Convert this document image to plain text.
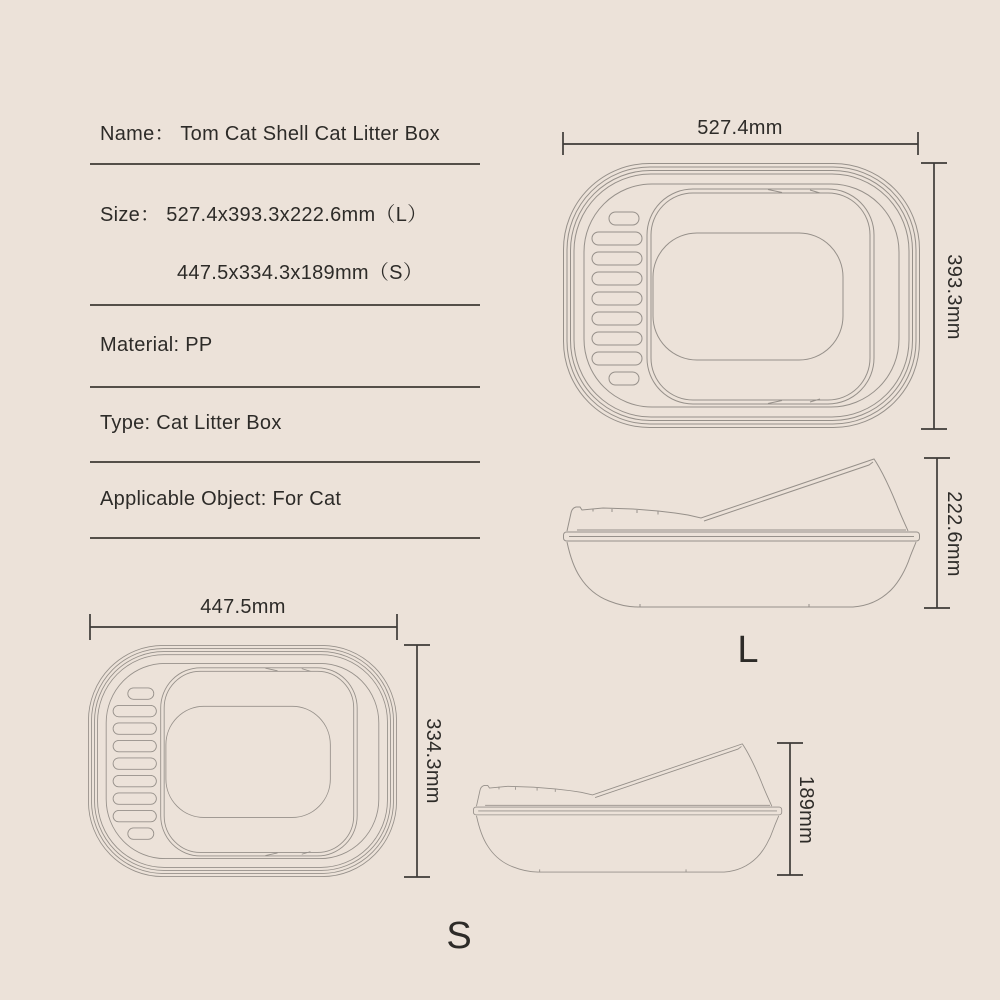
Name： Tom Cat Shell Cat Litter Box
Size： 527.4x393.3x222.6mm（L）
447.5x334.3x189mm（S）
Material: PP
Type: Cat Litter Box
Applicable Object: For Cat
527.4mm
393.3mm
222.6mm
447.5mm
334.3mm
189mm
L
S
